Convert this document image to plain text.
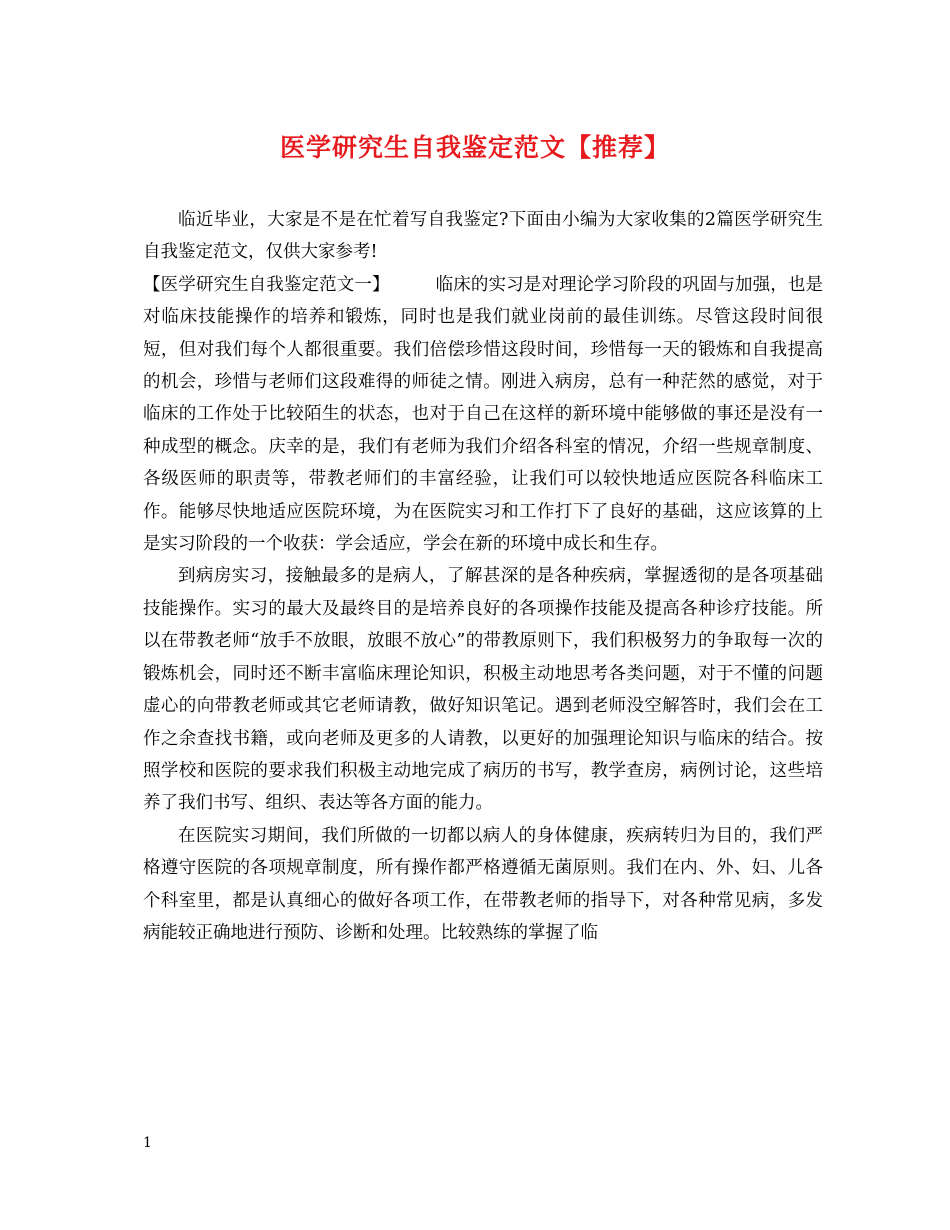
医学研究生自我鉴定范文【推荐】

临近毕业，大家是不是在忙着写自我鉴定?下面由小编为大家收集的2篇医学研究生自我鉴定范文，仅供大家参考!

【医学研究生自我鉴定范文一】	临床的实习是对理论学习阶段的巩固与加强，也是对临床技能操作的培养和锻炼，同时也是我们就业岗前的最佳训练。尽管这段时间很短，但对我们每个人都很重要。我们倍偿珍惜这段时间，珍惜每一天的锻炼和自我提高的机会，珍惜与老师们这段难得的师徒之情。刚进入病房，总有一种茫然的感觉，对于临床的工作处于比较陌生的状态，也对于自己在这样的新环境中能够做的事还是没有一种成型的概念。庆幸的是，我们有老师为我们介绍各科室的情况，介绍一些规章制度、各级医师的职责等，带教老师们的丰富经验，让我们可以较快地适应医院各科临床工作。能够尽快地适应医院环境，为在医院实习和工作打下了良好的基础，这应该算的上是实习阶段的一个收获：学会适应，学会在新的环境中成长和生存。

到病房实习，接触最多的是病人，了解甚深的是各种疾病，掌握透彻的是各项基础技能操作。实习的最大及最终目的是培养良好的各项操作技能及提高各种诊疗技能。所以在带教老师“放手不放眼，放眼不放心”的带教原则下，我们积极努力的争取每一次的锻炼机会，同时还不断丰富临床理论知识，积极主动地思考各类问题，对于不懂的问题虚心的向带教老师或其它老师请教，做好知识笔记。遇到老师没空解答时，我们会在工作之余查找书籍，或向老师及更多的人请教，以更好的加强理论知识与临床的结合。按照学校和医院的要求我们积极主动地完成了病历的书写，教学查房，病例讨论，这些培养了我们书写、组织、表达等各方面的能力。

在医院实习期间，我们所做的一切都以病人的身体健康，疾病转归为目的，我们严格遵守医院的各项规章制度，所有操作都严格遵循无菌原则。我们在内、外、妇、儿各个科室里，都是认真细心的做好各项工作，在带教老师的指导下，对各种常见病，多发病能较正确地进行预防、诊断和处理。比较熟练的掌握了临

1
